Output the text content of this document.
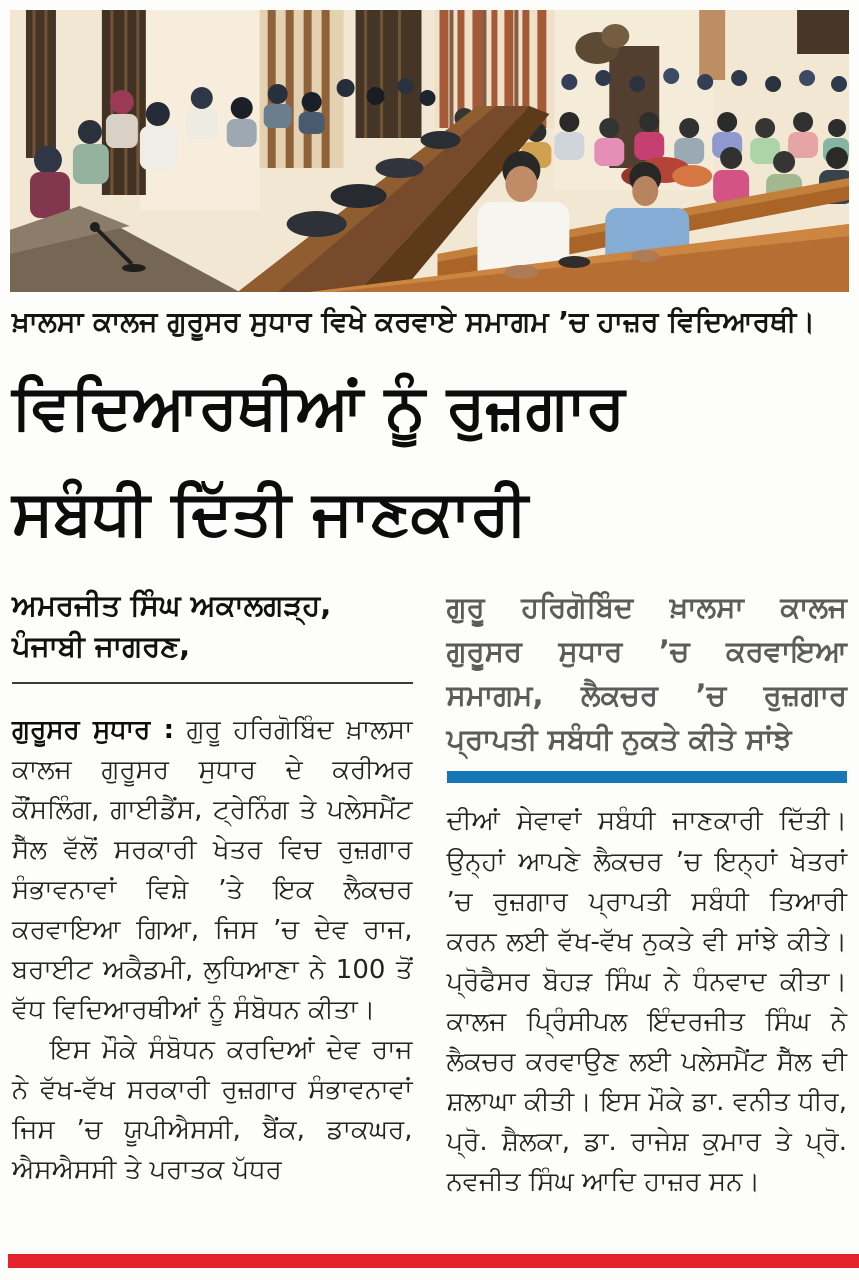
ਖ਼ਾਲਸਾ ਕਾਲਜ ਗੁਰੂਸਰ ਸੁਧਾਰ ਵਿਖੇ ਕਰਵਾਏ ਸਮਾਗਮ ’ਚ ਹਾਜ਼ਰ ਵਿਦਿਆਰਥੀ।
ਵਿਦਿਆਰਥੀਆਂ ਨੂੰ ਰੁਜ਼ਗਾਰ
ਸਬੰਧੀ ਦਿੱਤੀ ਜਾਣਕਾਰੀ
ਅਮਰਜੀਤ ਸਿੰਘ ਅਕਾਲਗੜ੍ਹ, ਪੰਜਾਬੀ ਜਾਗਰਣ,

ਗੁਰੂਸਰ ਸੁਧਾਰ : ਗੁਰੂ ਹਰਿਗੋਬਿੰਦ ਖ਼ਾਲਸਾ ਕਾਲਜ ਗੁਰੂਸਰ ਸੁਧਾਰ ਦੇ ਕਰੀਅਰ ਕੌਂਸਲਿੰਗ, ਗਾਈਡੈਂਸ, ਟ੍ਰੇਨਿੰਗ ਤੇ ਪਲੇਸਮੈਂਟ ਸੈੱਲ ਵੱਲੋਂ ਸਰਕਾਰੀ ਖੇਤਰ ਵਿਚ ਰੁਜ਼ਗਾਰ ਸੰਭਾਵਨਾਵਾਂ ਵਿਸ਼ੇ ’ਤੇ ਇਕ ਲੈਕਚਰ ਕਰਵਾਇਆ ਗਿਆ, ਜਿਸ ’ਚ ਦੇਵ ਰਾਜ, ਬਰਾਈਟ ਅਕੈਡਮੀ, ਲੁਧਿਆਣਾ ਨੇ 100 ਤੋਂ ਵੱਧ ਵਿਦਿਆਰਥੀਆਂ ਨੂੰ ਸੰਬੋਧਨ ਕੀਤਾ।

ਇਸ ਮੌਕੇ ਸੰਬੋਧਨ ਕਰਦਿਆਂ ਦੇਵ ਰਾਜ ਨੇ ਵੱਖ-ਵੱਖ ਸਰਕਾਰੀ ਰੁਜ਼ਗਾਰ ਸੰਭਾਵਨਾਵਾਂ ਜਿਸ ’ਚ ਯੂਪੀਐਸਸੀ, ਬੈਂਕ, ਡਾਕਘਰ, ਐਸਐਸਸੀ ਤੇ ਪਰਾਤਕ ਪੱਧਰ

ਗੁਰੂ ਹਰਿਗੋਬਿੰਦ ਖ਼ਾਲਸਾ ਕਾਲਜ ਗੁਰੂਸਰ ਸੁਧਾਰ ’ਚ ਕਰਵਾਇਆ ਸਮਾਗਮ, ਲੈਕਚਰ ’ਚ ਰੁਜ਼ਗਾਰ ਪ੍ਰਾਪਤੀ ਸਬੰਧੀ ਨੁਕਤੇ ਕੀਤੇ ਸਾਂਝੇ

ਦੀਆਂ ਸੇਵਾਵਾਂ ਸਬੰਧੀ ਜਾਣਕਾਰੀ ਦਿੱਤੀ। ਉਨ੍ਹਾਂ ਆਪਣੇ ਲੈਕਚਰ ’ਚ ਇਨ੍ਹਾਂ ਖੇਤਰਾਂ ’ਚ ਰੁਜ਼ਗਾਰ ਪ੍ਰਾਪਤੀ ਸਬੰਧੀ ਤਿਆਰੀ ਕਰਨ ਲਈ ਵੱਖ-ਵੱਖ ਨੁਕਤੇ ਵੀ ਸਾਂਝੇ ਕੀਤੇ। ਪ੍ਰੋਫੈਸਰ ਬੋਹੜ ਸਿੰਘ ਨੇ ਧੰਨਵਾਦ ਕੀਤਾ। ਕਾਲਜ ਪ੍ਰਿੰਸੀਪਲ ਇੰਦਰਜੀਤ ਸਿੰਘ ਨੇ ਲੈਕਚਰ ਕਰਵਾਉਣ ਲਈ ਪਲੇਸਮੈਂਟ ਸੈੱਲ ਦੀ ਸ਼ਲਾਘਾ ਕੀਤੀ। ਇਸ ਮੌਕੇ ਡਾ. ਵਨੀਤ ਧੀਰ, ਪ੍ਰੋ. ਸ਼ੈਲਕਾ, ਡਾ. ਰਾਜੇਸ਼ ਕੁਮਾਰ ਤੇ ਪ੍ਰੋ. ਨਵਜੀਤ ਸਿੰਘ ਆਦਿ ਹਾਜ਼ਰ ਸਨ।
